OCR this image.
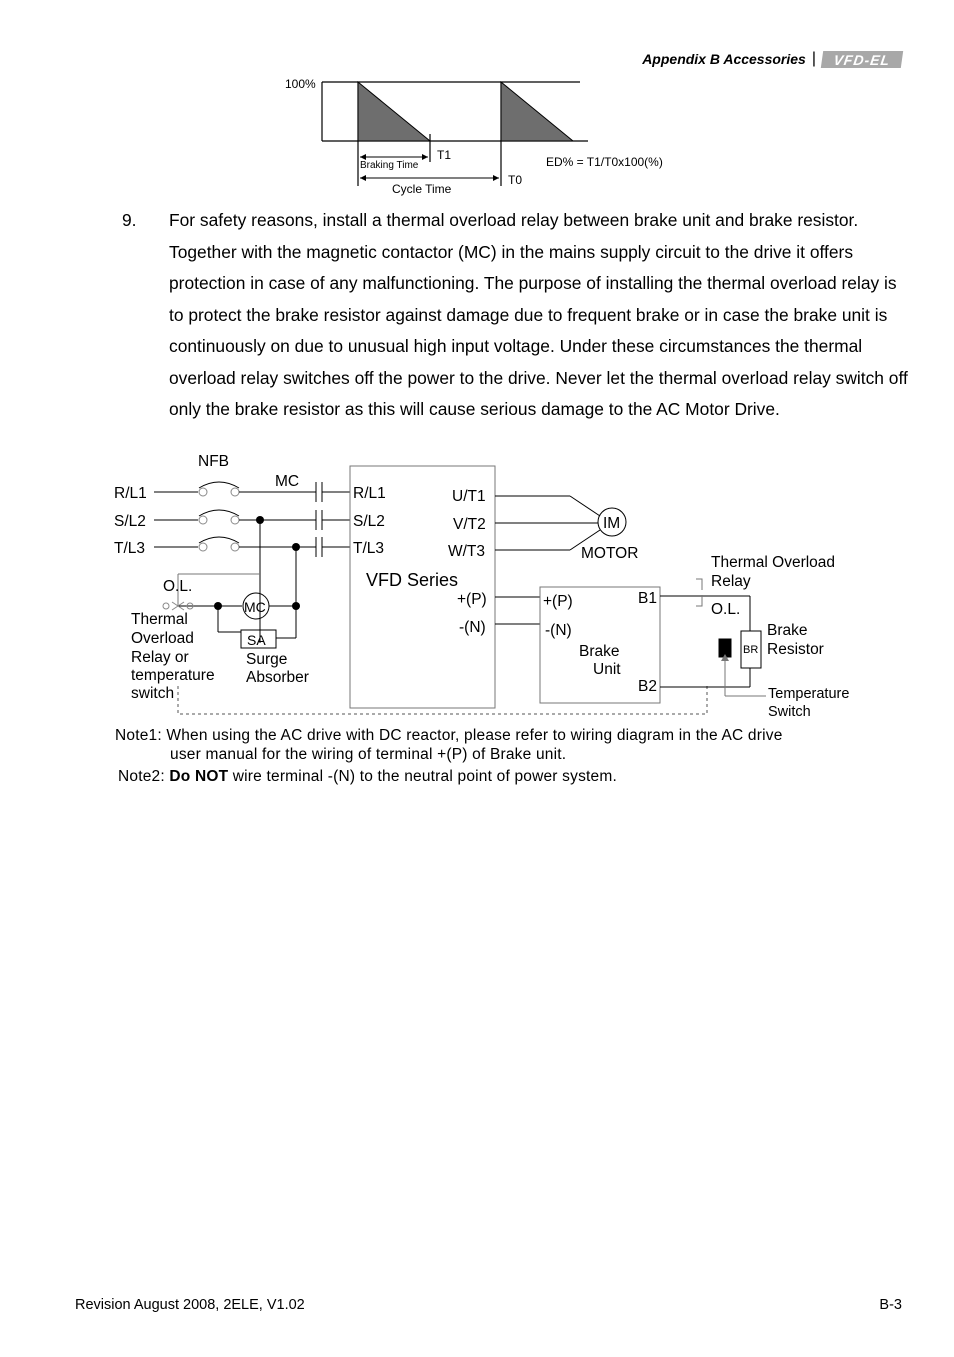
Appendix B Accessories |	VFD-EL
100%
T1
Braking Time
T0
Cycle Time
ED% = T1/T0x100(%)
9.	For safety reasons, install a thermal overload relay between brake unit and brake resistor. Together with the magnetic contactor (MC) in the mains supply circuit to the drive it offers protection in case of any malfunctioning. The purpose of installing the thermal overload relay is to protect the brake resistor against damage due to frequent brake or in case the brake unit is continuously on due to unusual high input voltage. Under these circumstances the thermal overload relay switches off the power to the drive. Never let the thermal overload relay switch off only the brake resistor as this will cause serious damage to the AC Motor Drive.
NFB
MC
R/L1
S/L2
T/L3
R/L1
S/L2
T/L3
U/T1
V/T2
W/T3
IM
MOTOR
VFD Series
+(P)
-(N)
+(P)
-(N)
Brake
Unit
B1
B2
O.L.
O.L.
MC
SA
Surge
Absorber
Thermal
Overload
Relay or
temperature
switch
Thermal Overload
Relay
BR
Brake
Resistor
Temperature
Switch
Note1: When using the AC drive with DC reactor, please refer to wiring diagram in the AC drive
user manual for the wiring of terminal +(P) of Brake unit.
Note2: Do NOT wire terminal -(N) to the neutral point of power system.
Revision August 2008, 2ELE, V1.02	B-3
